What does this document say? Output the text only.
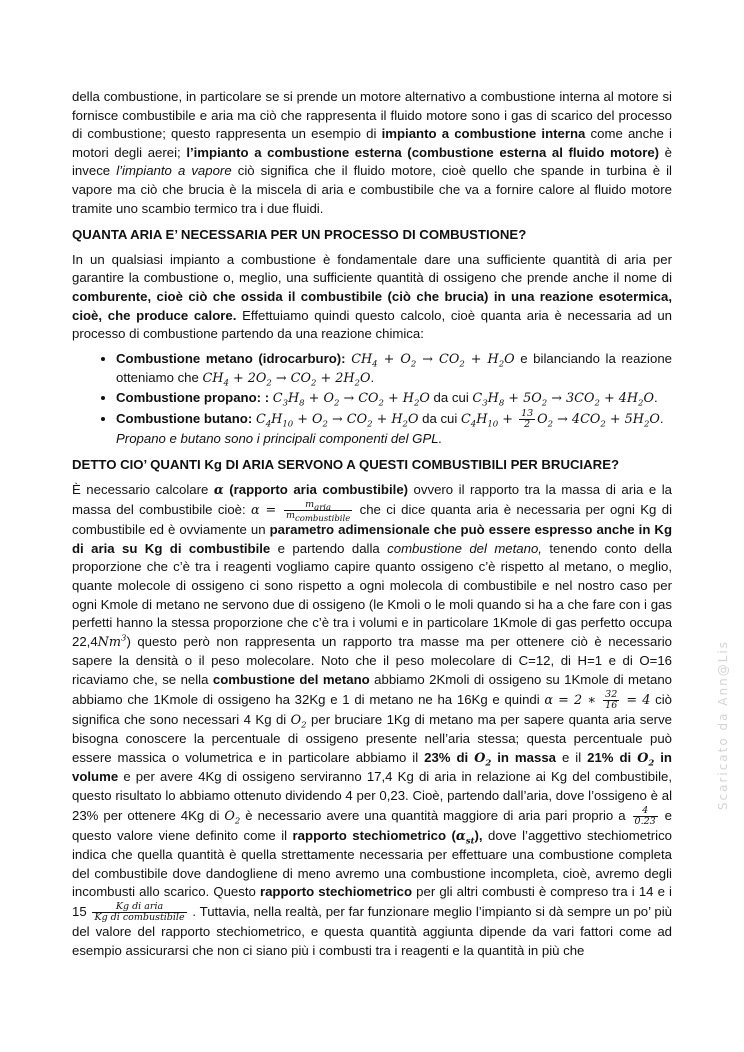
della combustione, in particolare se si prende un motore alternativo a combustione interna al motore si fornisce combustibile e aria ma ciò che rappresenta il fluido motore sono i gas di scarico del processo di combustione; questo rappresenta un esempio di impianto a combustione interna come anche i motori degli aerei; l’impianto a combustione esterna (combustione esterna al fluido motore) è invece l’impianto a vapore ciò significa che il fluido motore, cioè quello che spande in turbina è il vapore ma ciò che brucia è la miscela di aria e combustibile che va a fornire calore al fluido motore tramite uno scambio termico tra i due fluidi.

QUANTA ARIA E’ NECESSARIA PER UN PROCESSO DI COMBUSTIONE?

In un qualsiasi impianto a combustione è fondamentale dare una sufficiente quantità di aria per garantire la combustione o, meglio, una sufficiente quantità di ossigeno che prende anche il nome di comburente, cioè ciò che ossida il combustibile (ciò che brucia) in una reazione esotermica, cioè, che produce calore. Effettuiamo quindi questo calcolo, cioè quanta aria è necessaria ad un processo di combustione partendo da una reazione chimica:

• Combustione metano (idrocarburo): $CH_4 + O_2 \to CO_2 + H_2O$ e bilanciando la reazione otteniamo che $CH_4 + 2O_2 \to CO_2 + 2H_2O$.
• Combustione propano: : $C_3H_8 + O_2 \to CO_2 + H_2O$ da cui $C_3H_8 + 5O_2 \to 3CO_2 + 4H_2O$.
• Combustione butano: $C_4H_{10} + O_2 \to CO_2 + H_2O$ da cui $C_4H_{10} + \frac{13}{2} O_2 \to 4CO_2 + 5H_2O$.
Propano e butano sono i principali componenti del GPL.
DETTO CIO’ QUANTI Kg DI ARIA SERVONO A QUESTI COMBUSTIBILI PER BRUCIARE?

È necessario calcolare α (rapporto aria combustibile) ovvero il rapporto tra la massa di aria e la massa del combustibile cioè: $\alpha = \frac{m_{aria}}{m_{combustibile}}$ che ci dice quanta aria è necessaria per ogni Kg di combustibile ed è ovviamente un parametro adimensionale che può essere espresso anche in Kg di aria su Kg di combustibile e partendo dalla combustione del metano, tenendo conto della proporzione che c’è tra i reagenti vogliamo capire quanto ossigeno c’è rispetto al metano, o meglio, quante molecole di ossigeno ci sono rispetto a ogni molecola di combustibile e nel nostro caso per ogni Kmole di metano ne servono due di ossigeno (le Kmoli o le moli quando si ha a che fare con i gas perfetti hanno la stessa proporzione che c’è tra i volumi e in particolare 1Kmole di gas perfetto occupa 22,4Nm$^3$) questo però non rappresenta un rapporto tra masse ma per ottenere ciò è necessario sapere la densità o il peso molecolare. Noto che il peso molecolare di C=12, di H=1 e di O=16 ricaviamo che, se nella combustione del metano abbiamo 2Kmoli di ossigeno su 1Kmole di metano abbiamo che 1Kmole di ossigeno ha 32Kg e 1 di metano ne ha 16Kg e quindi α = 2 ∗ $\frac{32}{16} = 4$ ciò significa che sono necessari 4 Kg di $O_2$ per bruciare 1Kg di metano ma per sapere quanta aria serve bisogna conoscere la percentuale di ossigeno presente nell’aria stessa; questa percentuale può essere massica o volumetrica e in particolare abbiamo il 23% di $O_2$ in massa e il 21% di $O_2$ in volume e per avere 4Kg di ossigeno serviranno 17,4 Kg di aria in relazione ai Kg del combustibile, questo risultato lo abbiamo ottenuto dividendo 4 per 0,23. Cioè, partendo dall’aria, dove l’ossigeno è al 23% per ottenere 4Kg di $O_2$ è necessario avere una quantità maggiore di aria pari proprio a $\frac{4}{0.23}$ e questo valore viene definito come il rapporto stechiometrico $(\alpha_{st})$, dove l’aggettivo stechiometrico indica che quella quantità è quella strettamente necessaria per effettuare una combustione completa del combustibile dove dandogliene di meno avremo una combustione incompleta, cioè, avremo degli incombusti allo scarico. Questo rapporto stechiometrico per gli altri combusti è compreso tra i 14 e i $15 \frac{\text{Kg di aria}}{\text{Kg di combustibile}}$ . Tuttavia, nella realtà, per far funzionare meglio l’impianto si dà sempre un po’ più del valore del rapporto stechiometrico, e questa quantità aggiunta dipende da vari fattori come ad esempio assicurarsi che non ci siano più i combusti tra i reagenti e la quantità in più che

Scaricato da Ann@Lis
